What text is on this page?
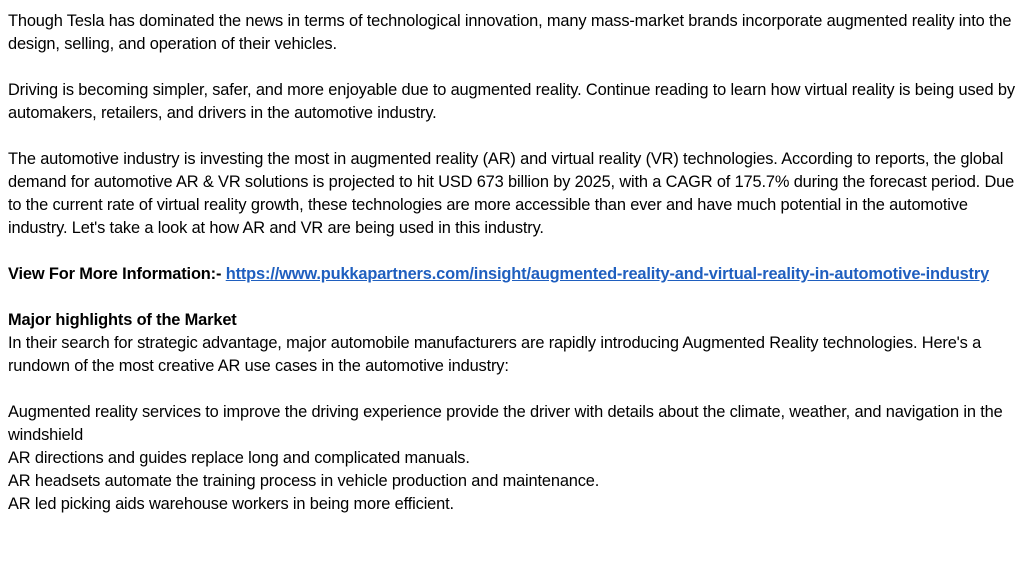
Though Tesla has dominated the news in terms of technological innovation, many mass-market brands incorporate augmented reality into the design, selling, and operation of their vehicles.

Driving is becoming simpler, safer, and more enjoyable due to augmented reality. Continue reading to learn how virtual reality is being used by automakers, retailers, and drivers in the automotive industry.

The automotive industry is investing the most in augmented reality (AR) and virtual reality (VR) technologies. According to reports, the global demand for automotive AR & VR solutions is projected to hit USD 673 billion by 2025, with a CAGR of 175.7% during the forecast period. Due to the current rate of virtual reality growth, these technologies are more accessible than ever and have much potential in the automotive industry. Let's take a look at how AR and VR are being used in this industry.

View For More Information:- https://www.pukkapartners.com/insight/augmented-reality-and-virtual-reality-in-automotive-industry

Major highlights of the Market
In their search for strategic advantage, major automobile manufacturers are rapidly introducing Augmented Reality technologies. Here's a rundown of the most creative AR use cases in the automotive industry:
Augmented reality services to improve the driving experience provide the driver with details about the climate, weather, and navigation in the windshield
AR directions and guides replace long and complicated manuals.
AR headsets automate the training process in vehicle production and maintenance.
AR led picking aids warehouse workers in being more efficient.
